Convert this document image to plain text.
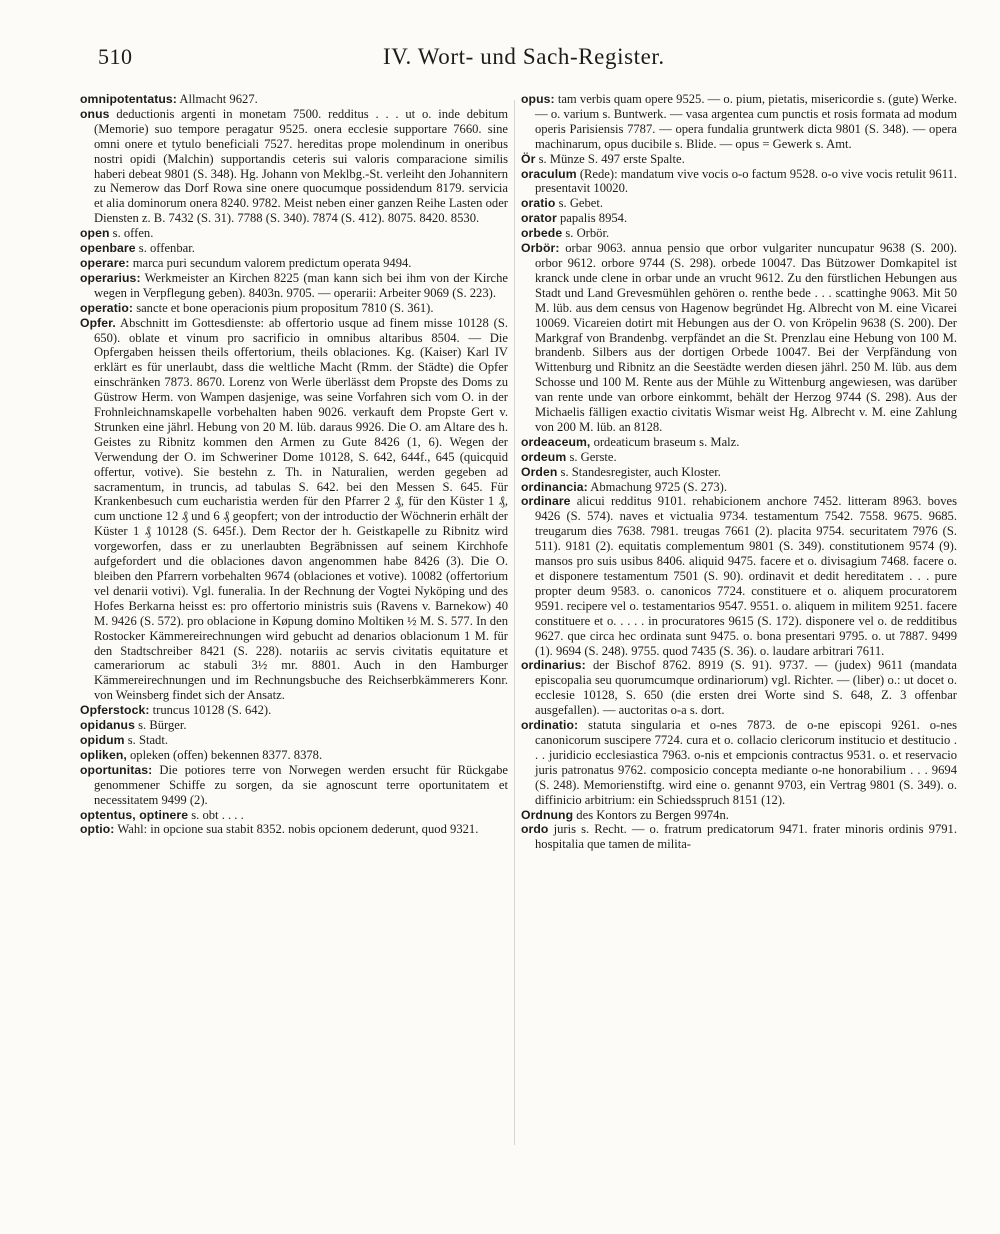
510	IV. Wort- und Sach-Register.

omnipotentatus: Allmacht 9627.

onus deductionis argenti in monetam 7500. redditus . . . ut o. inde debitum (Memorie) suo tempore peragatur 9525. onera ecclesie supportare 7660. sine omni onere et tytulo beneficiali 7527. hereditas prope molendinum in oneribus nostri opidi (Malchin) supportandis ceteris sui valoris comparacione similis haberi debeat 9801 (S. 348). Hg. Johann von Meklbg.-St. verleiht den Johannitern zu Nemerow das Dorf Rowa sine onere quocumque possidendum 8179. servicia et alia dominorum onera 8240. 9782. Meist neben einer ganzen Reihe Lasten oder Diensten z. B. 7432 (S. 31). 7788 (S. 340). 7874 (S. 412). 8075. 8420. 8530.

open s. offen.

openbare s. offenbar.

operare: marca puri secundum valorem predictum operata 9494.

operarius: Werkmeister an Kirchen 8225 (man kann sich bei ihm von der Kirche wegen in Verpflegung geben). 8403n. 9705. — operarii: Arbeiter 9069 (S. 223).

operatio: sancte et bone operacionis pium propositum 7810 (S. 361).

Opfer. Abschnitt im Gottesdienste: ab offertorio usque ad finem misse 10128 (S. 650). oblate et vinum pro sacrificio in omnibus altaribus 8504. — Die Opfergaben heissen theils offertorium, theils oblaciones. Kg. (Kaiser) Karl IV erklärt es für unerlaubt, dass die weltliche Macht (Rmm. der Städte) die Opfer einschränken 7873. 8670. Lorenz von Werle überlässt dem Propste des Doms zu Güstrow Herm. von Wampen dasjenige, was seine Vorfahren sich vom O. in der Frohnleichnamskapelle vorbehalten haben 9026. verkauft dem Propste Gert v. Strunken eine jährl. Hebung von 20 M. lüb. daraus 9926. Die O. am Altare des h. Geistes zu Ribnitz kommen den Armen zu Gute 8426 (1, 6). Wegen der Verwendung der O. im Schweriner Dome 10128, S. 642, 644f., 645 (quicquid offertur, votive). Sie bestehn z. Th. in Naturalien, werden gegeben ad sacramentum, in truncis, ad tabulas S. 642. bei den Messen S. 645. Für Krankenbesuch cum eucharistia werden für den Pfarrer 2 ₰, für den Küster 1 ₰, cum unctione 12 ₰ und 6 ₰ geopfert; von der introductio der Wöchnerin erhält der Küster 1 ₰ 10128 (S. 645f.). Dem Rector der h. Geistkapelle zu Ribnitz wird vorgeworfen, dass er zu unerlaubten Begräbnissen auf seinem Kirchhofe aufgefordert und die oblaciones davon angenommen habe 8426 (3). Die O. bleiben den Pfarrern vorbehalten 9674 (oblaciones et votive). 10082 (offertorium vel denarii votivi). Vgl. funeralia. In der Rechnung der Vogtei Nyköping und des Hofes Berkarna heisst es: pro offertorio ministris suis (Ravens v. Barnekow) 40 M. 9426 (S. 572). pro oblacione in Køpung domino Moltiken ½ M. S. 577. In den Rostocker Kämmereirechnungen wird gebucht ad denarios oblacionum 1 M. für den Stadtschreiber 8421 (S. 228). notariis ac servis civitatis equitature et camerariorum ac stabuli 3½ mr. 8801. Auch in den Hamburger Kämmereirechnungen und im Rechnungsbuche des Reichserbkämmerers Konr. von Weinsberg findet sich der Ansatz.

Opferstock: truncus 10128 (S. 642).

opidanus s. Bürger.

opidum s. Stadt.

opliken, opleken (offen) bekennen 8377. 8378.

oportunitas: Die potiores terre von Norwegen werden ersucht für Rückgabe genommener Schiffe zu sorgen, da sie agnoscunt terre oportunitatem et necessitatem 9499 (2).

optentus, optinere s. obt . . . .

optio: Wahl: in opcione sua stabit 8352. nobis opcionem dederunt, quod 9321.

opus: tam verbis quam opere 9525. — o. pium, pietatis, misericordie s. (gute) Werke. — o. varium s. Buntwerk. — vasa argentea cum punctis et rosis formata ad modum operis Parisiensis 7787. — opera fundalia gruntwerk dicta 9801 (S. 348). — opera machinarum, opus ducibile s. Blide. — opus = Gewerk s. Amt.

Ör s. Münze S. 497 erste Spalte.

oraculum (Rede): mandatum vive vocis o-o factum 9528. o-o vive vocis retulit 9611. presentavit 10020.

oratio s. Gebet.

orator papalis 8954.

orbede s. Orbör.

Orbör: orbar 9063. annua pensio que orbor vulgariter nuncupatur 9638 (S. 200). orbor 9612. orbore 9744 (S. 298). orbede 10047. Das Bützower Domkapitel ist kranck unde clene in orbar unde an vrucht 9612. Zu den fürstlichen Hebungen aus Stadt und Land Grevesmühlen gehören o. renthe bede . . . scattinghe 9063. Mit 50 M. lüb. aus dem census von Hagenow begründet Hg. Albrecht von M. eine Vicarei 10069. Vicareien dotirt mit Hebungen aus der O. von Kröpelin 9638 (S. 200). Der Markgraf von Brandenbg. verpfändet an die St. Prenzlau eine Hebung von 100 M. brandenb. Silbers aus der dortigen Orbede 10047. Bei der Verpfändung von Wittenburg und Ribnitz an die Seestädte werden diesen jährl. 250 M. lüb. aus dem Schosse und 100 M. Rente aus der Mühle zu Wittenburg angewiesen, was darüber van rente unde van orbore einkommt, behält der Herzog 9744 (S. 298). Aus der Michaelis fälligen exactio civitatis Wismar weist Hg. Albrecht v. M. eine Zahlung von 200 M. lüb. an 8128.

ordeaceum, ordeaticum braseum s. Malz.

ordeum s. Gerste.

Orden s. Standesregister, auch Kloster.

ordinancia: Abmachung 9725 (S. 273).

ordinare alicui redditus 9101. rehabicionem anchore 7452. litteram 8963. boves 9426 (S. 574). naves et victualia 9734. testamentum 7542. 7558. 9675. 9685. treugarum dies 7638. 7981. treugas 7661 (2). placita 9754. securitatem 7976 (S. 511). 9181 (2). equitatis complementum 9801 (S. 349). constitutionem 9574 (9). mansos pro suis usibus 8406. aliquid 9475. facere et o. divisagium 7468. facere o. et disponere testamentum 7501 (S. 90). ordinavit et dedit hereditatem . . . pure propter deum 9583. o. canonicos 7724. constituere et o. aliquem procuratorem 9591. recipere vel o. testamentarios 9547. 9551. o. aliquem in militem 9251. facere constituere et o. . . . . in procuratores 9615 (S. 172). disponere vel o. de redditibus 9627. que circa hec ordinata sunt 9475. o. bona presentari 9795. o. ut 7887. 9499 (1). 9694 (S. 248). 9755. quod 7435 (S. 36). o. laudare arbitrari 7611.

ordinarius: der Bischof 8762. 8919 (S. 91). 9737. — (judex) 9611 (mandata episcopalia seu quorumcumque ordinariorum) vgl. Richter. — (liber) o.: ut docet o. ecclesie 10128, S. 650 (die ersten drei Worte sind S. 648, Z. 3 offenbar ausgefallen). — auctoritas o-a s. dort.

ordinatio: statuta singularia et o-nes 7873. de o-ne episcopi 9261. o-nes canonicorum suscipere 7724. cura et o. collacio clericorum institucio et destitucio . . . juridicio ecclesiastica 7963. o-nis et empcionis contractus 9531. o. et reservacio juris patronatus 9762. composicio concepta mediante o-ne honorabilium . . . 9694 (S. 248). Memorienstiftg. wird eine o. genannt 9703, ein Vertrag 9801 (S. 349). o. diffinicio arbitrium: ein Schiedsspruch 8151 (12).

Ordnung des Kontors zu Bergen 9974n.

ordo juris s. Recht. — o. fratrum predicatorum 9471. frater minoris ordinis 9791. hospitalia que tamen de milita-
